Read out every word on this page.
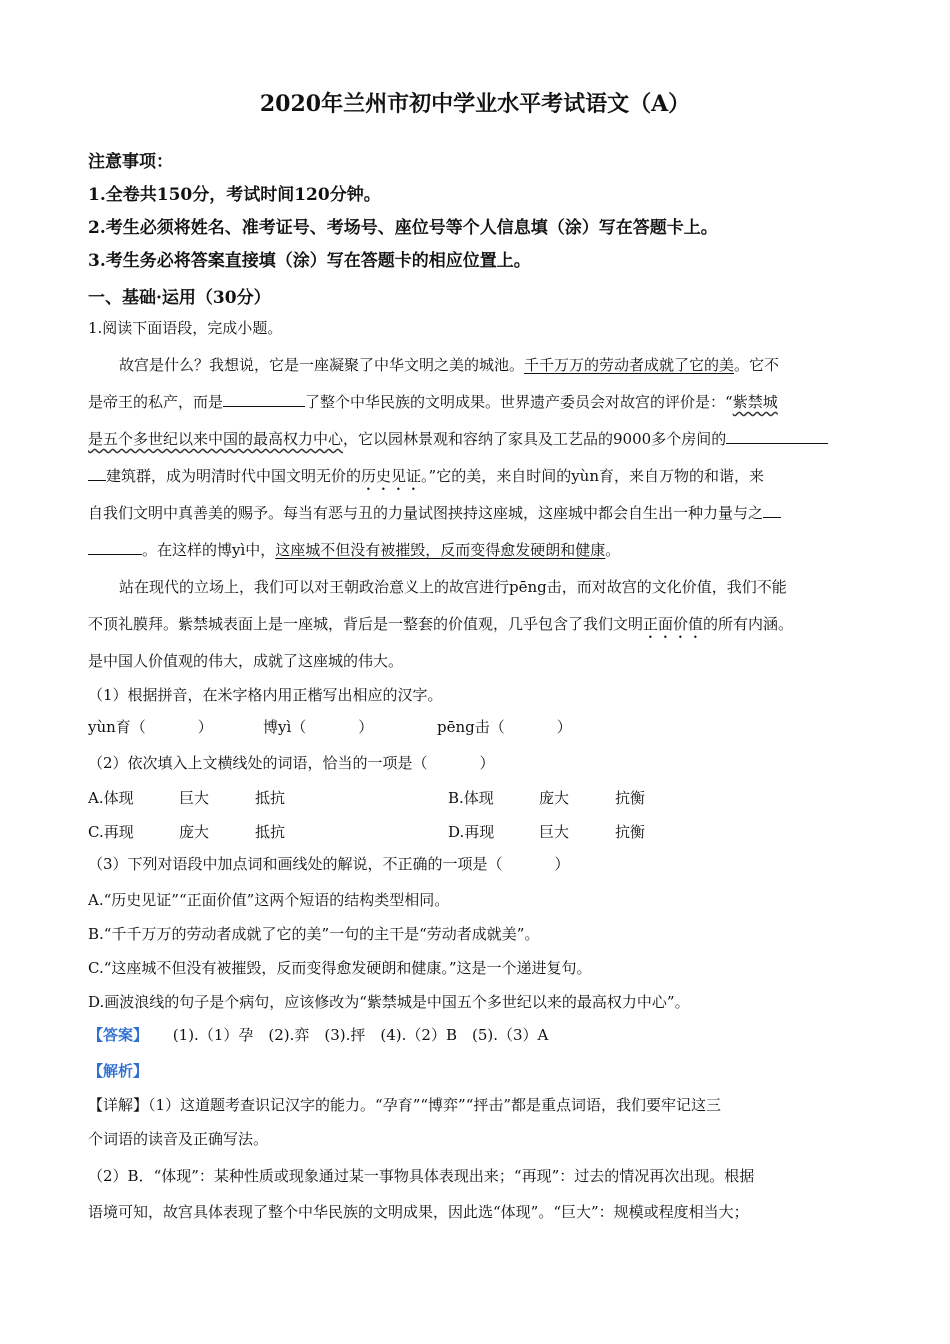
2020年兰州市初中学业水平考试语文（A）
注意事项：
1.全卷共150分，考试时间120分钟。
2.考生必须将姓名、准考证号、考场号、座位号等个人信息填（涂）写在答题卡上。
3.考生务必将答案直接填（涂）写在答题卡的相应位置上。
一、基础·运用（30分）
1.阅读下面语段，完成小题。
故宫是什么？我想说，它是一座凝聚了中华文明之美的城池。千千万万的劳动者成就了它的美。它不
是帝王的私产，而是	了整个中华民族的文明成果。世界遗产委员会对故宫的评价是：“紫禁城
是五个多世纪以来中国的最高权力中心，它以园林景观和容纳了家具及工艺品的9000多个房间的
建筑群，成为明清时代中国文明无价的历史见证。”它的美，来自时间的yùn育，来自万物的和谐，来
自我们文明中真善美的赐予。每当有恶与丑的力量试图挟持这座城，这座城中都会自生出一种力量与之
。在这样的博yì中，这座城不但没有被摧毁，反而变得愈发硬朗和健康。
站在现代的立场上，我们可以对王朝政治意义上的故宫进行pēng击，而对故宫的文化价值，我们不能
不顶礼膜拜。紫禁城表面上是一座城，背后是一整套的价值观，几乎包含了我们文明正面价值的所有内涵。
是中国人价值观的伟大，成就了这座城的伟大。
（1）根据拼音，在米字格内用正楷写出相应的汉字。
yùn育（	）	博yì（	）	pēng击（	）
（2）依次填入上文横线处的词语，恰当的一项是（	）
A.体现	巨大	抵抗	B.体现	庞大	抗衡
C.再现	庞大	抵抗	D.再现	巨大	抗衡
（3）下列对语段中加点词和画线处的解说，不正确的一项是（	）
A.“历史见证”“正面价值”这两个短语的结构类型相同。
B.“千千万万的劳动者成就了它的美”一句的主干是“劳动者成就美”。
C.“这座城不但没有被摧毁，反而变得愈发硬朗和健康。”这是一个递进复句。
D.画波浪线的句子是个病句，应该修改为“紫禁城是中国五个多世纪以来的最高权力中心”。
【答案】 (1).（1）孕　(2).弈　(3).抨　(4).（2）B　(5).（3）A
【解析】
【详解】（1）这道题考查识记汉字的能力。“孕育”“博弈”“抨击”都是重点词语，我们要牢记这三
个词语的读音及正确写法。
（2）B．“体现”：某种性质或现象通过某一事物具体表现出来；“再现”：过去的情况再次出现。根据
语境可知，故宫具体表现了整个中华民族的文明成果，因此选“体现”。“巨大”：规模或程度相当大；
